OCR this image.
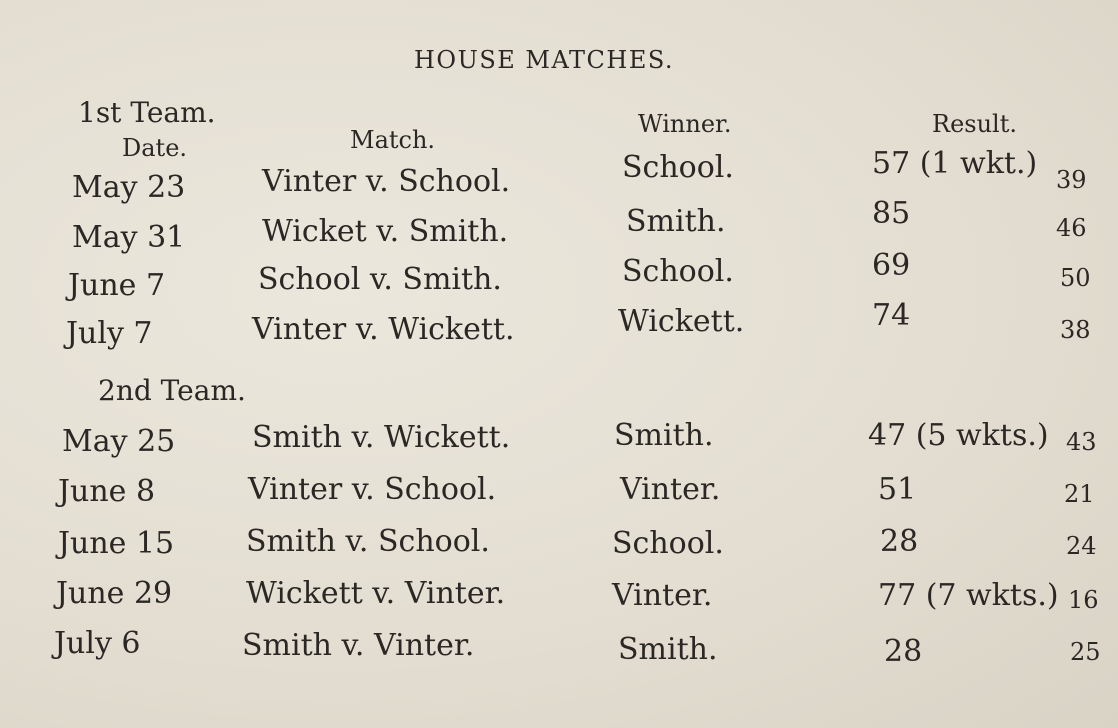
HOUSE MATCHES.
1st Team.
Date.	Match.
Winner.	Result.
May 23	Vinter v. School.	School.	57 (1 wkt.) 39
May 31	Wicket v. Smith.	Smith.	85	46
June 7	School v. Smith.	School.	69	50
July 7	Vinter v. Wickett.	Wickett.	74	38
2nd Team.
May 25	Smith v. Wickett.	Smith.	47 (5 wkts.) 43
June 8	Vinter v. School.	Vinter.	51	21
June 15 Smith v. School.	School.	28	24
June 29 Wickett v. Vinter.	Vinter.	77 (7 wkts.) 16
July 6	Smith v. Vinter.	Smith.	28	25
